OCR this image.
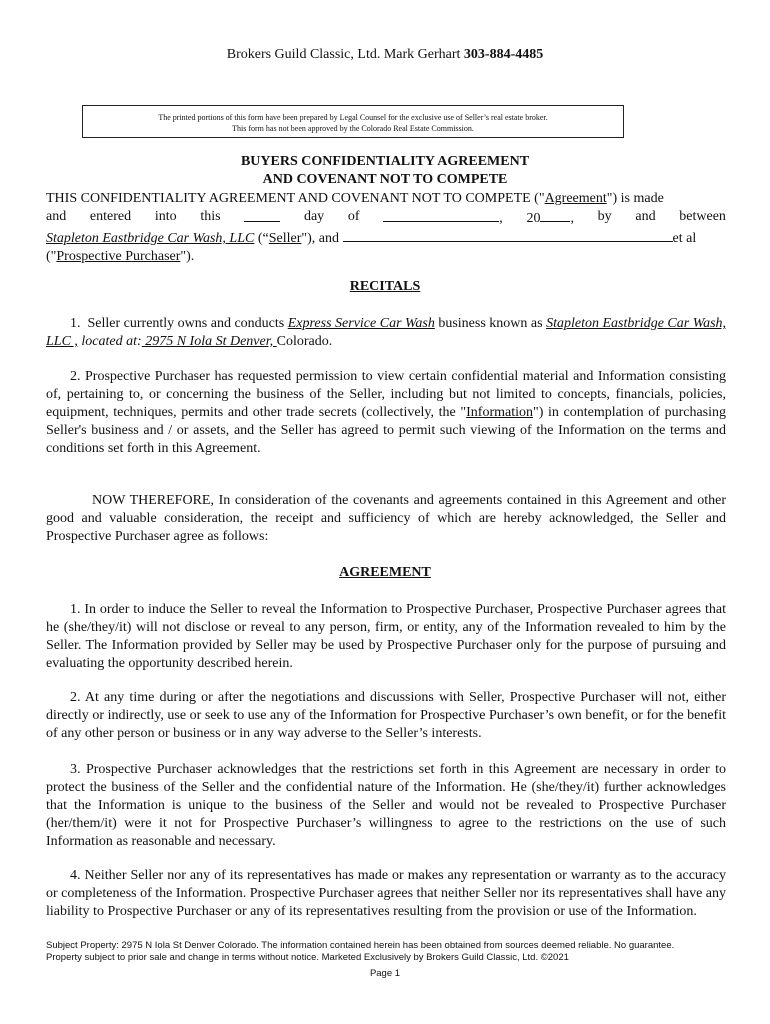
Brokers Guild Classic, Ltd. Mark Gerhart 303-884-4485
The printed portions of this form have been prepared by Legal Counsel for the exclusive use of Seller’s real estate broker.
This form has not been approved by the Colorado Real Estate Commission.
BUYERS CONFIDENTIALITY AGREEMENT
AND COVENANT NOT TO COMPETE
THIS CONFIDENTIALITY AGREEMENT AND COVENANT NOT TO COMPETE ("Agreement") is made
and entered into this	day of	, 20 , by and between
Stapleton Eastbridge Car Wash, LLC (“Seller"), and	et al
("Prospective Purchaser").
RECITALS
1.  Seller currently owns and conducts Express Service Car Wash business known as Stapleton Eastbridge Car Wash, LLC , located at: 2975 N Iola St Denver, Colorado.
2. Prospective Purchaser has requested permission to view certain confidential material and Information consisting of, pertaining to, or concerning the business of the Seller, including but not limited to concepts, financials, policies, equipment, techniques, permits and other trade secrets (collectively, the "Information") in contemplation of purchasing Seller's business and / or assets, and the Seller has agreed to permit such viewing of the Information on the terms and conditions set forth in this Agreement.
NOW THEREFORE, In consideration of the covenants and agreements contained in this Agreement and other good and valuable consideration, the receipt and sufficiency of which are hereby acknowledged, the Seller and Prospective Purchaser agree as follows:
AGREEMENT
1. In order to induce the Seller to reveal the Information to Prospective Purchaser, Prospective Purchaser agrees that he (she/they/it) will not disclose or reveal to any person, firm, or entity, any of the Information revealed to him by the Seller. The Information provided by Seller may be used by Prospective Purchaser only for the purpose of pursuing and evaluating the opportunity described herein.
2. At any time during or after the negotiations and discussions with Seller, Prospective Purchaser will not, either directly or indirectly, use or seek to use any of the Information for Prospective Purchaser’s own benefit, or for the benefit of any other person or business or in any way adverse to the Seller’s interests.
3. Prospective Purchaser acknowledges that the restrictions set forth in this Agreement are necessary in order to protect the business of the Seller and the confidential nature of the Information. He (she/they/it) further acknowledges that the Information is unique to the business of the Seller and would not be revealed to Prospective Purchaser (her/them/it) were it not for Prospective Purchaser’s willingness to agree to the restrictions on the use of such Information as reasonable and necessary.
4. Neither Seller nor any of its representatives has made or makes any representation or warranty as to the accuracy or completeness of the Information. Prospective Purchaser agrees that neither Seller nor its representatives shall have any liability to Prospective Purchaser or any of its representatives resulting from the provision or use of the Information.
Subject Property: 2975 N Iola St Denver Colorado. The information contained herein has been obtained from sources deemed reliable. No guarantee.
Property subject to prior sale and change in terms without notice. Marketed Exclusively by Brokers Guild Classic, Ltd. ©2021
Page 1
